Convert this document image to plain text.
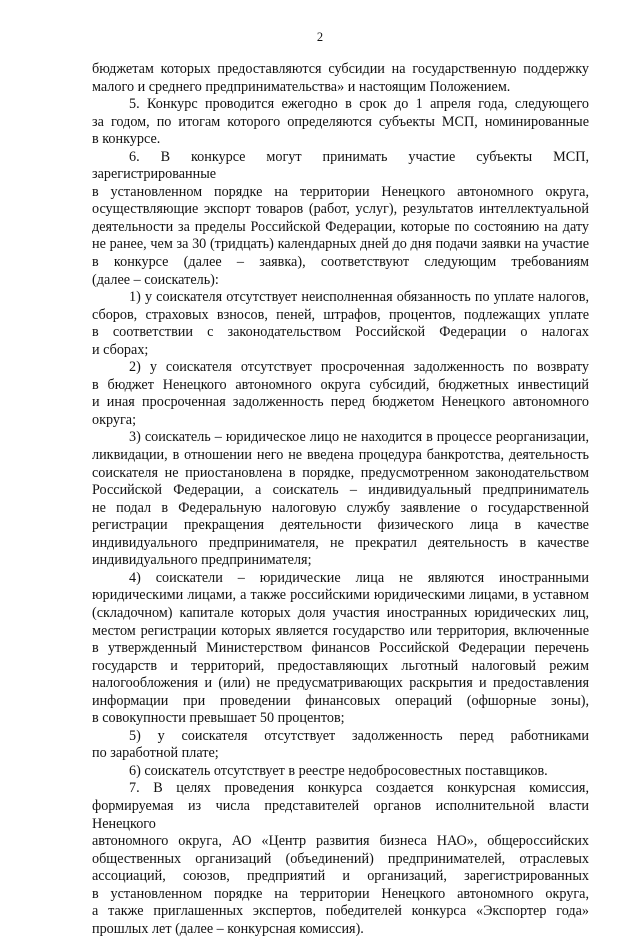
2
бюджетам которых предоставляются субсидии на государственную поддержку
малого и среднего предпринимательства» и настоящим Положением.
5. Конкурс проводится ежегодно в срок до 1 апреля года, следующего
за годом, по итогам которого определяются субъекты МСП, номинированные
в конкурсе.
6. В конкурсе могут принимать участие субъекты МСП, зарегистрированные
в установленном порядке на территории Ненецкого автономного округа,
осуществляющие экспорт товаров (работ, услуг), результатов интеллектуальной
деятельности за пределы Российской Федерации, которые по состоянию на дату
не ранее, чем за 30 (тридцать) календарных дней до дня подачи заявки на участие
в конкурсе (далее – заявка), соответствуют следующим требованиям
(далее – соискатель):
1) у соискателя отсутствует неисполненная обязанность по уплате налогов,
сборов, страховых взносов, пеней, штрафов, процентов, подлежащих уплате
в соответствии с законодательством Российской Федерации о налогах
и сборах;
2) у соискателя отсутствует просроченная задолженность по возврату
в бюджет Ненецкого автономного округа субсидий, бюджетных инвестиций
и иная просроченная задолженность перед бюджетом Ненецкого автономного
округа;
3) соискатель – юридическое лицо не находится в процессе реорганизации,
ликвидации, в отношении него не введена процедура банкротства, деятельность
соискателя не приостановлена в порядке, предусмотренном законодательством
Российской Федерации, а соискатель – индивидуальный предприниматель
не подал в Федеральную налоговую службу заявление о государственной
регистрации прекращения деятельности физического лица в качестве
индивидуального предпринимателя, не прекратил деятельность в качестве
индивидуального предпринимателя;
4) соискатели – юридические лица не являются иностранными
юридическими лицами, а также российскими юридическими лицами, в уставном
(складочном) капитале которых доля участия иностранных юридических лиц,
местом регистрации которых является государство или территория, включенные
в утвержденный Министерством финансов Российской Федерации перечень
государств и территорий, предоставляющих льготный налоговый режим
налогообложения и (или) не предусматривающих раскрытия и предоставления
информации при проведении финансовых операций (офшорные зоны),
в совокупности превышает 50 процентов;
5) у соискателя отсутствует задолженность перед работниками
по заработной плате;
6) соискатель отсутствует в реестре недобросовестных поставщиков.
7. В целях проведения конкурса создается конкурсная комиссия,
формируемая из числа представителей органов исполнительной власти Ненецкого
автономного округа, АО «Центр развития бизнеса НАО», общероссийских
общественных организаций (объединений) предпринимателей, отраслевых
ассоциаций, союзов, предприятий и организаций, зарегистрированных
в установленном порядке на территории Ненецкого автономного округа,
а также приглашенных экспертов, победителей конкурса «Экспортер года»
прошлых лет (далее – конкурсная комиссия).
